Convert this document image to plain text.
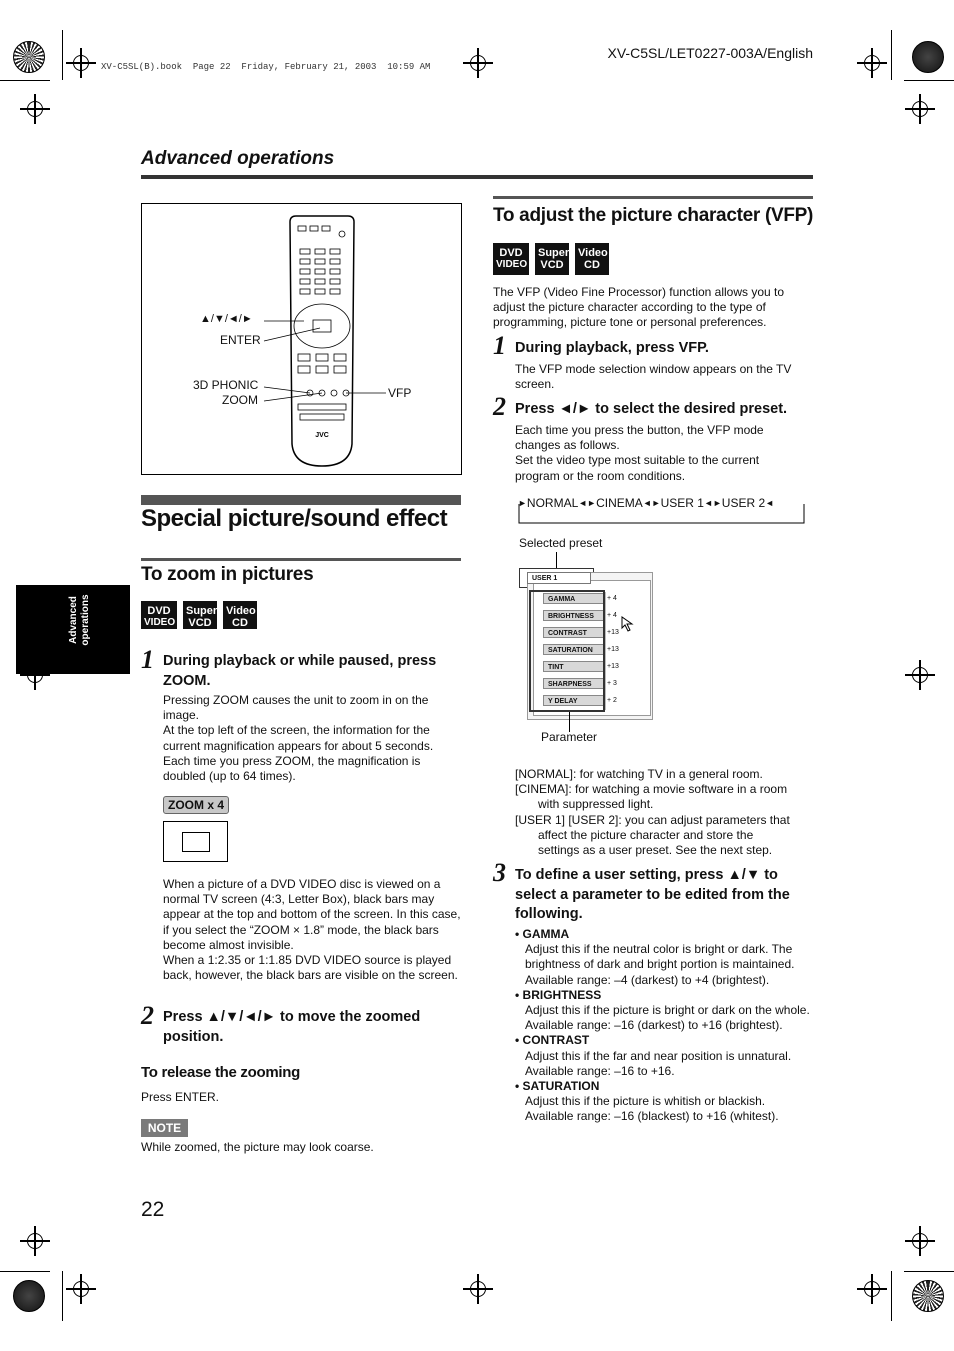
XV-C5SL/LET0227-003A/English
XV-C5SL(B).book  Page 22  Friday, February 21, 2003  10:59 AM
Advanced operations
Advanced operations
JVC
▲/▼/◄/►
ENTER
3D PHONIC
ZOOM	VFP
Special picture/sound effect
To zoom in pictures
DVD
VIDEO
Super
VCD
Video
CD
1 During playback or while paused, press ZOOM.

Pressing ZOOM causes the unit to zoom in on the image.

At the top left of the screen, the information for the current magnification appears for about 5 seconds. Each time you press ZOOM, the magnification is doubled (up to 64 times).

ZOOM x 4

When a picture of a DVD VIDEO disc is viewed on a normal TV screen (4:3, Letter Box), black bars may appear at the top and bottom of the screen. In this case, if you select the “ZOOM × 1.8” mode, the black bars become almost invisible.

When a 1:2.35 or 1:1.85 DVD VIDEO source is played back, however, the black bars are visible on the screen.

2 Press ▲/▼/◄/► to move the zoomed position.
To release the zooming
Press ENTER.
NOTE
While zoomed, the picture may look coarse.
To adjust the picture character (VFP)
DVD
VIDEO
Super
VCD
Video
CD
The VFP (Video Fine Processor) function allows you to adjust the picture character according to the type of programming, picture tone or personal preferences.
1 During playback, press VFP.
The VFP mode selection window appears on the TV screen.
2 Press ◄/► to select the desired preset.

Each time you press the button, the VFP mode changes as follows.

Set the video type most suitable to the current program or the room conditions.

► NORMAL ◄► CINEMA ◄► USER 1 ◄► USER 2 ◄
Selected preset
USER 1
GAMMA
BRIGHTNESS
CONTRAST
SATURATION
TINT
SHARPNESS
Y DELAY
+ 4
+ 4
+13
+13
+13
+ 3
+ 2
Parameter

[NORMAL]: for watching TV in a general room.

[CINEMA]: for watching a movie software in a room

with suppressed light.

[USER 1] [USER 2]: you can adjust parameters that

affect the picture character and store the settings as a user preset. See the next step.

3 To define a user setting, press ▲/▼ to select a parameter to be edited from the following.

• GAMMA

Adjust this if the neutral color is bright or dark. The brightness of dark and bright portion is maintained.

Available range: –4 (darkest) to +4 (brightest).

• BRIGHTNESS

Adjust this if the picture is bright or dark on the whole.

Available range: –16 (darkest) to +16 (brightest).

• CONTRAST

Adjust this if the far and near position is unnatural.

Available range: –16 to +16.

• SATURATION

Adjust this if the picture is whitish or blackish.

Available range: –16 (blackest) to +16 (whitest).

22
